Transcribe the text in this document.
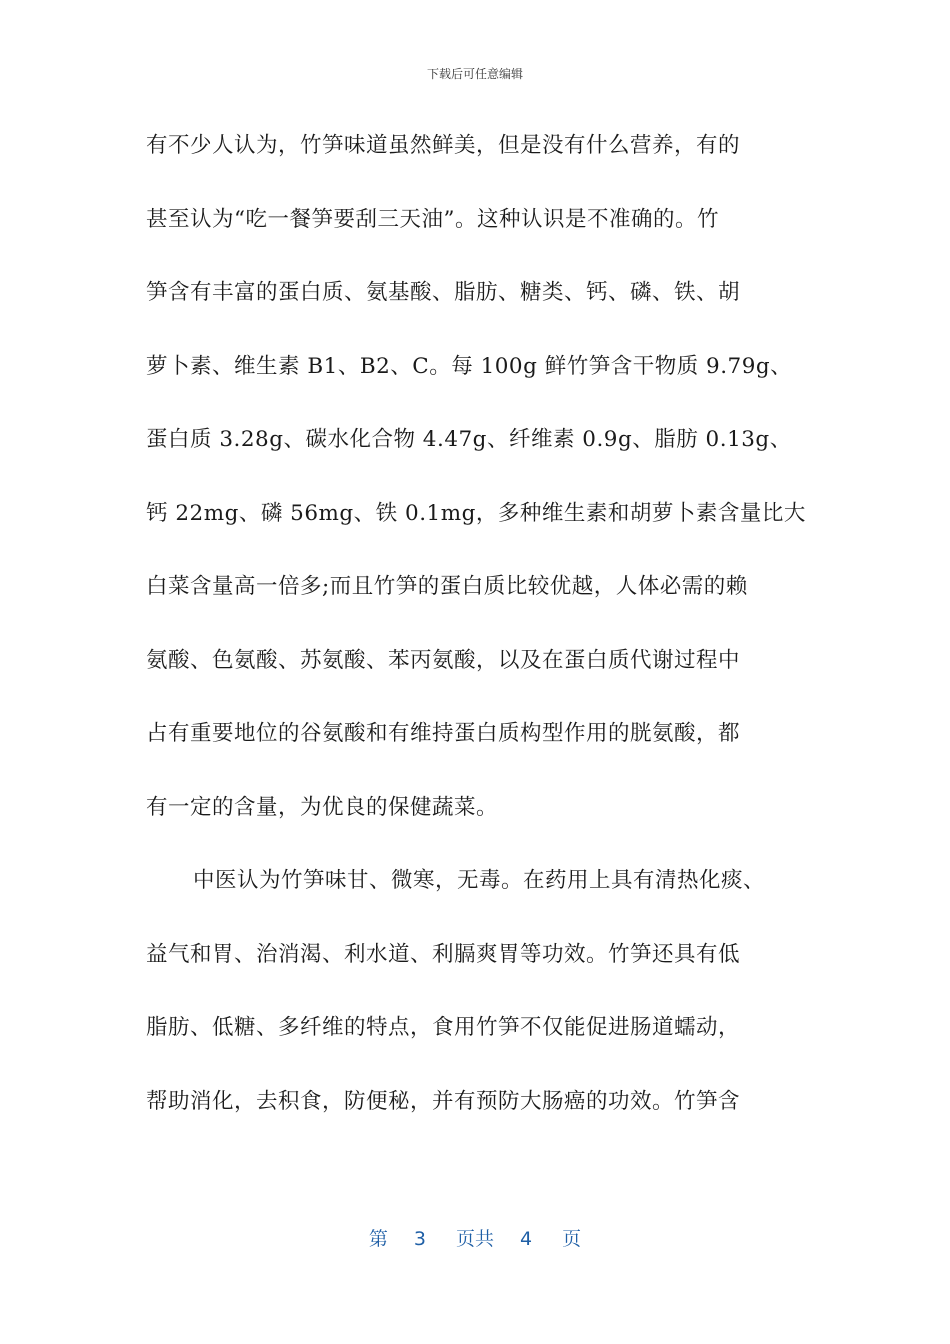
下载后可任意编辑
有不少人认为，竹笋味道虽然鲜美，但是没有什么营养，有的
甚至认为“吃一餐笋要刮三天油”。这种认识是不准确的。竹
笋含有丰富的蛋白质、氨基酸、脂肪、糖类、钙、磷、铁、胡
萝卜素、维生素 B1、B2、C。每 100g 鲜竹笋含干物质 9.79g、
蛋白质 3.28g、碳水化合物 4.47g、纤维素 0.9g、脂肪 0.13g、
钙 22mg、磷 56mg、铁 0.1mg，多种维生素和胡萝卜素含量比大
白菜含量高一倍多;而且竹笋的蛋白质比较优越，人体必需的赖
氨酸、色氨酸、苏氨酸、苯丙氨酸，以及在蛋白质代谢过程中
占有重要地位的谷氨酸和有维持蛋白质构型作用的胱氨酸，都
有一定的含量，为优良的保健蔬菜。
中医认为竹笋味甘、微寒，无毒。在药用上具有清热化痰、
益气和胃、治消渴、利水道、利膈爽胃等功效。竹笋还具有低
脂肪、低糖、多纤维的特点，食用竹笋不仅能促进肠道蠕动，
帮助消化，去积食，防便秘，并有预防大肠癌的功效。竹笋含
第 3 页共 4 页
